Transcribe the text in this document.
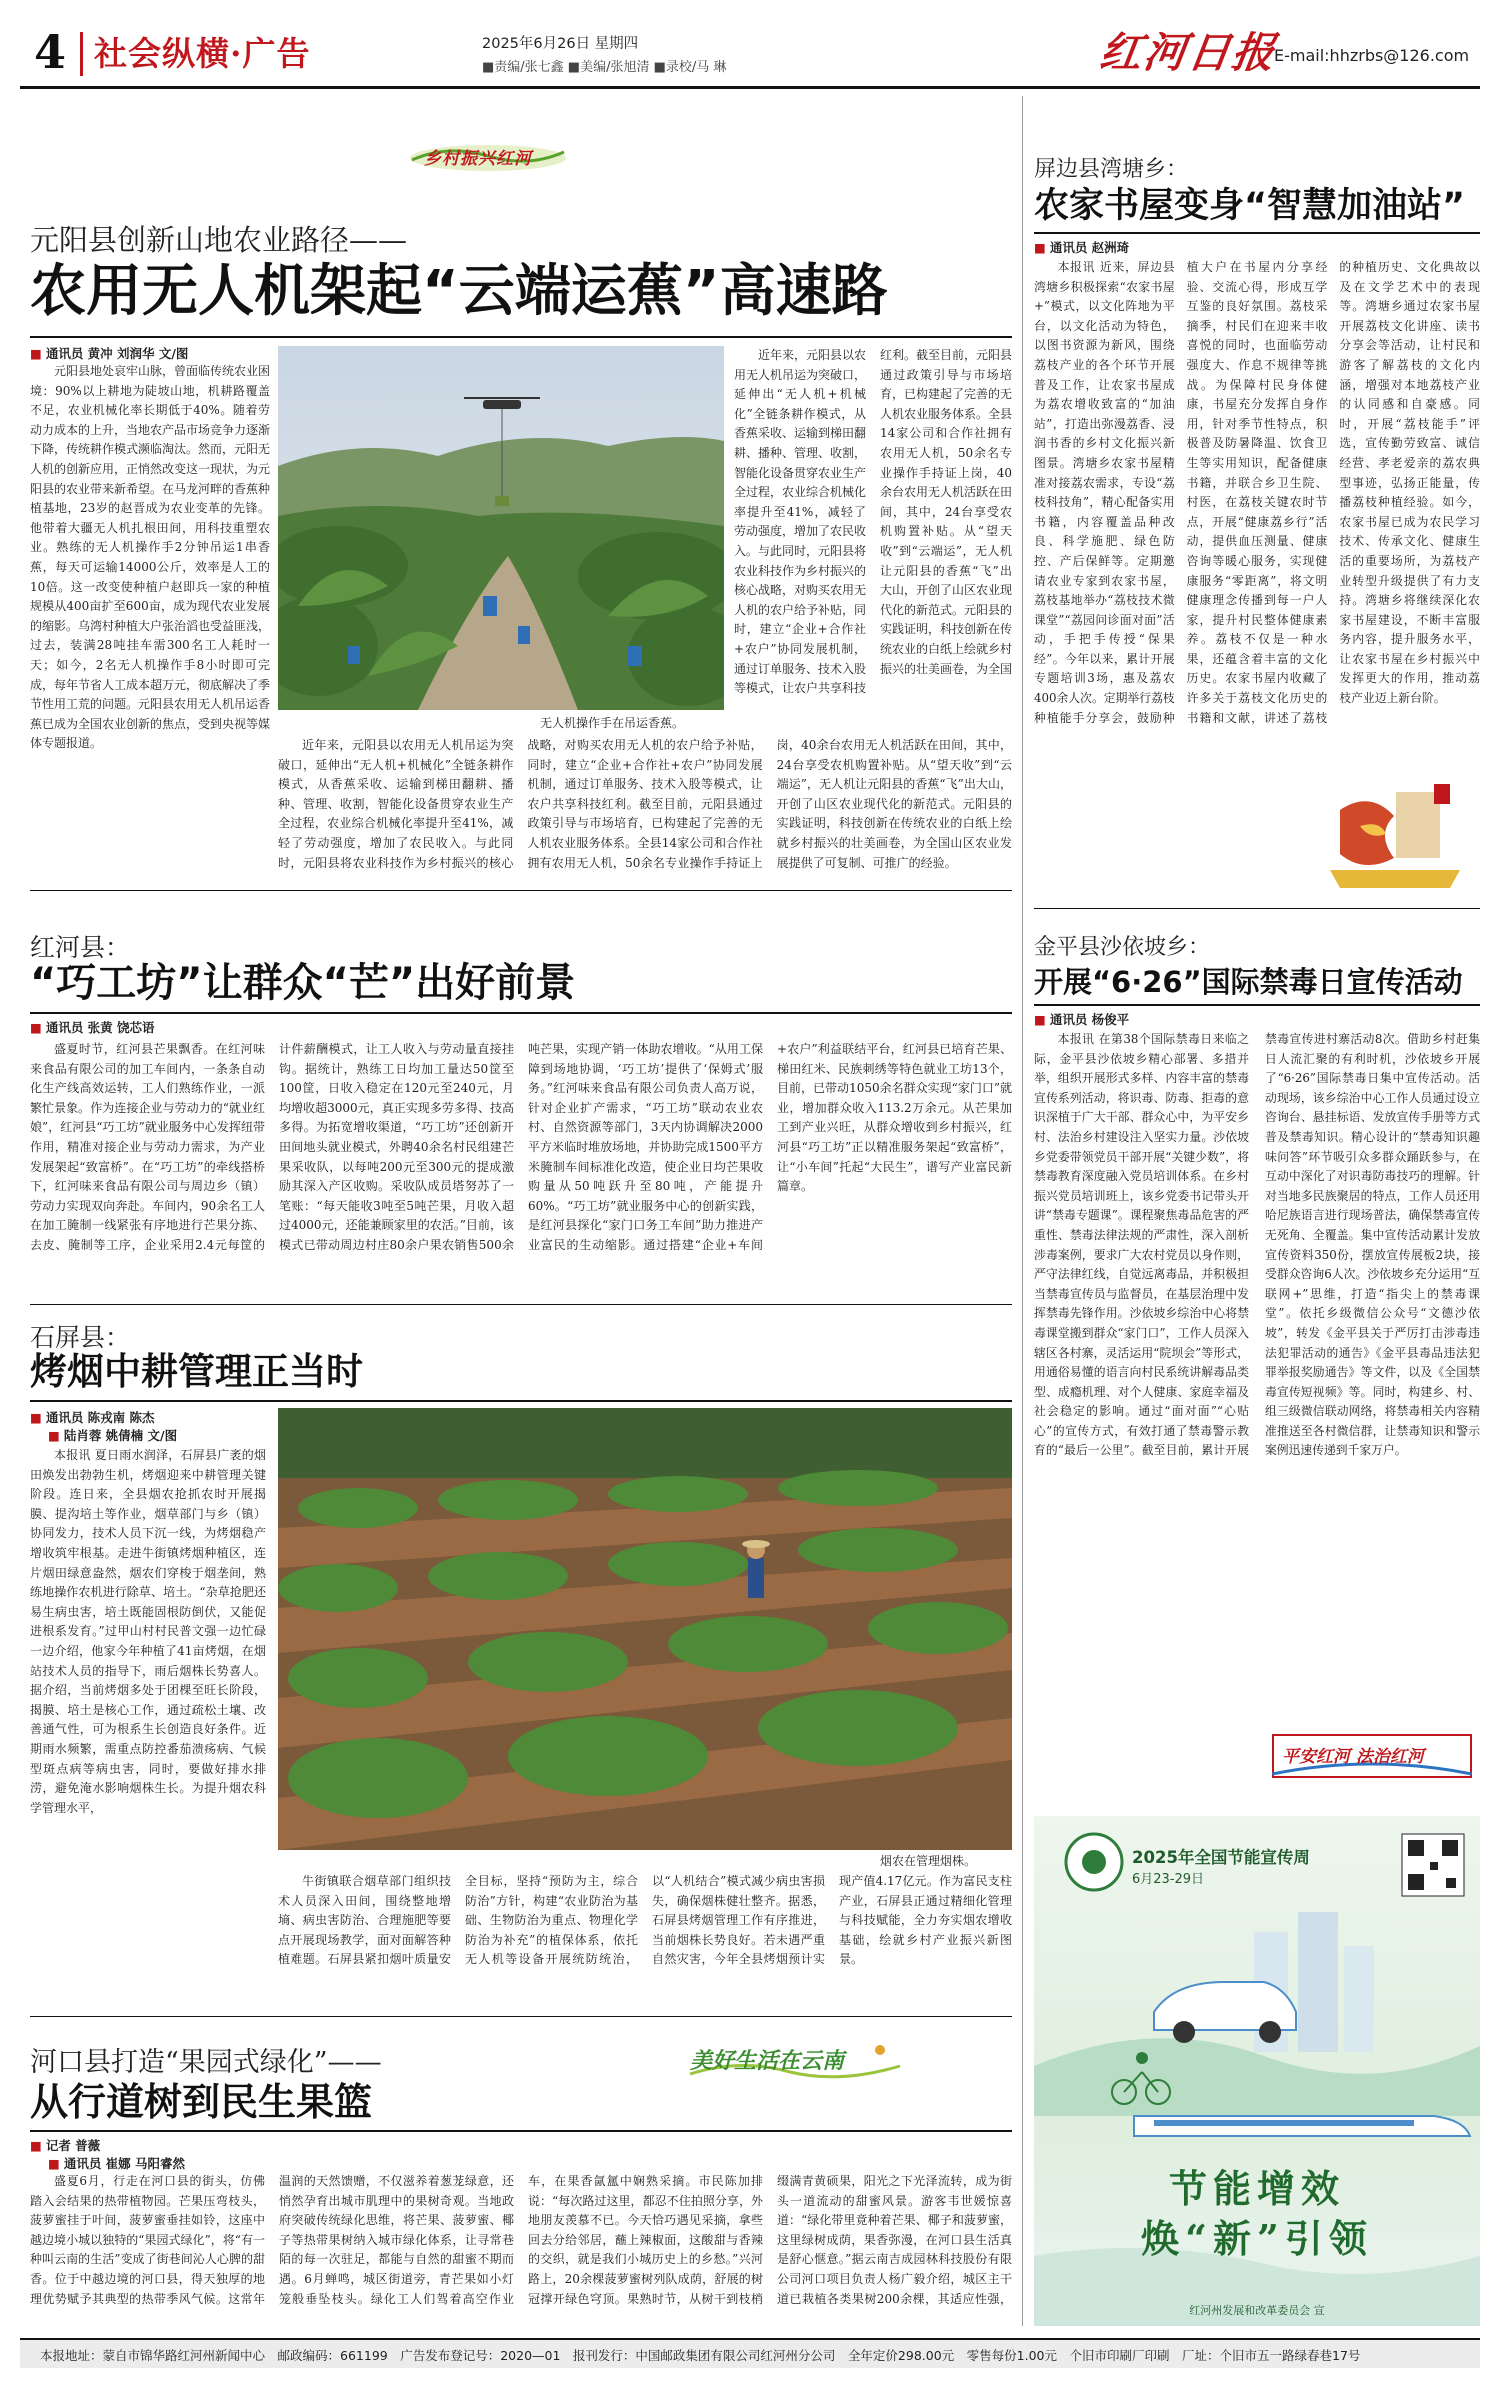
4 社会纵横·广告	2025年6月26日 星期四
■责编/张七鑫 ■美编/张旭清 ■录校/马 琳	红河日报
E-mail:hhzrbs@126.com
乡村振兴红河
元阳县创新山地农业路径——
农用无人机架起“云端运蕉”高速路
■ 通讯员 黄冲 刘润华 文/图

元阳县地处哀牢山脉，曾面临传统农业困境：90%以上耕地为陡坡山地，机耕路覆盖不足，农业机械化率长期低于40%。随着劳动力成本的上升，当地农产品市场竞争力逐渐下降，传统耕作模式濒临淘汰。然而，元阳无人机的创新应用，正悄然改变这一现状，为元阳县的农业带来新希望。在马龙河畔的香蕉种植基地，23岁的赵晋成为农业变革的先锋。他带着大疆无人机扎根田间，用科技重塑农业。熟练的无人机操作手2分钟吊运1串香蕉，每天可运输14000公斤，效率是人工的10倍。这一改变使种植户赵即兵一家的种植规模从400亩扩至600亩，成为现代农业发展的缩影。乌湾村种植大户张治滔也受益匪浅，过去，装满28吨挂车需300名工人耗时一天；如今，2名无人机操作手8小时即可完成，每年节省人工成本超万元，彻底解决了季节性用工荒的问题。元阳县农用无人机吊运香蕉已成为全国农业创新的焦点，受到央视等媒体专题报道。

无人机操作手在吊运香蕉。

近年来，元阳县以农用无人机吊运为突破口，延伸出“无人机+机械化”全链条耕作模式，从香蕉采收、运输到梯田翻耕、播种、管理、收割，智能化设备贯穿农业生产全过程，农业综合机械化率提升至41%，减轻了劳动强度，增加了农民收入。与此同时，元阳县将农业科技作为乡村振兴的核心战略，对购买农用无人机的农户给予补贴，同时，建立“企业+合作社+农户”协同发展机制，通过订单服务、技术入股等模式，让农户共享科技红利。截至目前，元阳县通过政策引导与市场培育，已构建起了完善的无人机农业服务体系。全县14家公司和合作社拥有农用无人机，50余名专业操作手持证上岗，40余台农用无人机活跃在田间，其中，24台享受农机购置补贴。从“望天收”到“云端运”，无人机让元阳县的香蕉“飞”出大山，开创了山区农业现代化的新范式。元阳县的实践证明，科技创新在传统农业的白纸上绘就乡村振兴的壮美画卷，为全国

近年来，元阳县以农用无人机吊运为突破口，延伸出“无人机+机械化”全链条耕作模式，从香蕉采收、运输到梯田翻耕、播种、管理、收割，智能化设备贯穿农业生产全过程，农业综合机械化率提升至41%，减轻了劳动强度，增加了农民收入。与此同时，元阳县将农业科技作为乡村振兴的核心战略，对购买农用无人机的农户给予补贴，同时，建立“企业+合作社+农户”协同发展机制，通过订单服务、技术入股等模式，让农户共享科技红利。截至目前，元阳县通过政策引导与市场培育，已构建起了完善的无人机农业服务体系。全县14家公司和合作社拥有农用无人机，50余名专业操作手持证上岗，40余台农用无人机活跃在田间，其中，24台享受农机购置补贴。从“望天收”到“云端运”，无人机让元阳县的香蕉“飞”出大山，开创了山区农业现代化的新范式。元阳县的实践证明，科技创新在传统农业的白纸上绘就乡村振兴的壮美画卷，为全国山区农业发展提供了可复制、可推广的经验。

屏边县湾塘乡：
农家书屋变身“智慧加油站”
■ 通讯员 赵洲琦

本报讯 近来，屏边县湾塘乡积极探索“农家书屋+”模式，以文化阵地为平台，以文化活动为特色，以图书资源为新风，围绕荔枝产业的各个环节开展普及工作，让农家书屋成为荔农增收致富的“加油站”，打造出弥漫荔香、浸润书香的乡村文化振兴新图景。湾塘乡农家书屋精准对接荔农需求，专设“荔枝科技角”，精心配备实用书籍，内容覆盖品种改良、科学施肥、绿色防控、产后保鲜等。定期邀请农业专家到农家书屋，荔枝基地举办“荔枝技术微课堂”“荔园问诊面对面”活动，手把手传授“保果经”。今年以来，累计开展专题培训3场，惠及荔农400余人次。定期举行荔枝种植能手分享会，鼓励种植大户在书屋内分享经验、交流心得，形成互学互鉴的良好氛围。荔枝采摘季，村民们在迎来丰收喜悦的同时，也面临劳动强度大、作息不规律等挑战。为保障村民身体健康，书屋充分发挥自身作用，针对季节性特点，积极普及防暑降温、饮食卫生等实用知识，配备健康书籍，并联合乡卫生院、村医，在荔枝关键农时节点，开展“健康荔乡行”活动，提供血压测量、健康咨询等暖心服务，实现健康服务“零距离”，将文明健康理念传播到每一户人家，提升村民整体健康素养。荔枝不仅是一种水果，还蕴含着丰富的文化历史。农家书屋内收藏了许多关于荔枝文化历史的书籍和文献，讲述了荔枝的种植历史、文化典故以及在文学艺术中的表现等。湾塘乡通过农家书屋开展荔枝文化讲座、读书分享会等活动，让村民和游客了解荔枝的文化内涵，增强对本地荔枝产业的认同感和自豪感。同时，开展“荔枝能手”评选，宣传勤劳致富、诚信经营、孝老爱亲的荔农典型事迹，弘扬正能量，传播荔枝种植经验。如今，农家书屋已成为农民学习技术、传承文化、健康生活的重要场所，为荔枝产业转型升级提供了有力支持。湾塘乡将继续深化农家书屋建设，不断丰富服务内容，提升服务水平，让农家书屋在乡村振兴中发挥更大的作用，推动荔枝产业迈上新台阶。

红河县：
“巧工坊”让群众“芒”出好前景
■ 通讯员 张黄 饶芯语

盛夏时节，红河县芒果飘香。在红河味来食品有限公司的加工车间内，一条条自动化生产线高效运转，工人们熟练作业，一派繁忙景象。作为连接企业与劳动力的“就业红娘”，红河县“巧工坊”就业服务中心发挥纽带作用，精准对接企业与劳动力需求，为产业发展架起“致富桥”。在“巧工坊”的牵线搭桥下，红河味来食品有限公司与周边乡（镇）劳动力实现双向奔赴。车间内，90余名工人在加工腌制一线紧张有序地进行芒果分拣、去皮、腌制等工序，企业采用2.4元每筐的计件薪酬模式，让工人收入与劳动量直接挂钩。据统计，熟练工日均加工量达50筐至100筐，日收入稳定在120元至240元，月均增收超3000元，真正实现多劳多得、技高多得。为拓宽增收渠道，“巧工坊”还创新开田间地头就业模式，外聘40余名村民组建芒果采收队，以每吨200元至300元的提成激励其深入产区收购。采收队成员塔努苏了一笔账：“每天能收3吨至5吨芒果，月收入超过4000元，还能兼顾家里的农活。”目前，该模式已带动周边村庄80余户果农销售500余吨芒果，实现产销一体助农增收。“从用工保障到场地协调，‘巧工坊’提供了‘保姆式’服务。”红河味来食品有限公司负责人高万说，针对企业扩产需求，“巧工坊”联动农业农村、自然资源等部门，3天内协调解决2000平方米临时堆放场地，并协助完成1500平方米腌制车间标准化改造，使企业日均芒果收购量从50吨跃升至80吨，产能提升60%。“巧工坊”就业服务中心的创新实践，是红河县探化“家门口务工车间”助力推进产业富民的生动缩影。通过搭建“企业+车间+农户”利益联结平台，红河县已培育芒果、梯田红米、民族刺绣等特色就业工坊13个，目前，已带动1050余名群众实现“家门口”就业，增加群众收入113.2万余元。从芒果加工到产业兴旺，从群众增收到乡村振兴，红河县“巧工坊”正以精准服务架起“致富桥”，让“小车间”托起“大民生”，谱写产业富民新篇章。

金平县沙依坡乡：
开展“6·26”国际禁毒日宣传活动
■ 通讯员 杨俊平

本报讯 在第38个国际禁毒日来临之际，金平县沙依坡乡精心部署、多措并举，组织开展形式多样、内容丰富的禁毒宣传系列活动，将识毒、防毒、拒毒的意识深植于广大干部、群众心中，为平安乡村、法治乡村建设注入坚实力量。沙依坡乡党委带领党员干部开展“关键少数”，将禁毒教育深度融入党员培训体系。在乡村振兴党员培训班上，该乡党委书记带头开讲“禁毒专题课”。课程聚焦毒品危害的严重性、禁毒法律法规的严肃性，深入剖析涉毒案例，要求广大农村党员以身作则，严守法律红线，自觉远离毒品，并积极担当禁毒宣传员与监督员，在基层治理中发挥禁毒先锋作用。沙依坡乡综治中心将禁毒课堂搬到群众“家门口”，工作人员深入辖区各村寨，灵活运用“院坝会”等形式，用通俗易懂的语言向村民系统讲解毒品类型、成瘾机理、对个人健康、家庭幸福及社会稳定的影响。通过“面对面”“心贴心”的宣传方式，有效打通了禁毒警示教育的“最后一公里”。截至目前，累计开展禁毒宣传进村寨活动8次。借助乡村赶集日人流汇聚的有利时机，沙依坡乡开展了“6·26”国际禁毒日集中宣传活动。活动现场，该乡综治中心工作人员通过设立咨询台、悬挂标语、发放宣传手册等方式普及禁毒知识。精心设计的“禁毒知识趣味问答”环节吸引众多群众踊跃参与，在互动中深化了对识毒防毒技巧的理解。针对当地多民族聚居的特点，工作人员还用哈尼族语言进行现场普法，确保禁毒宣传无死角、全覆盖。集中宣传活动累计发放宣传资料350份，摆放宣传展板2块，接受群众咨询6人次。沙依坡乡充分运用“互联网+”思维，打造“指尖上的禁毒课堂”。依托乡级微信公众号“文德沙依坡”，转发《金平县关于严厉打击涉毒违法犯罪活动的通告》《金平县毒品违法犯罪举报奖励通告》等文件，以及《全国禁毒宣传短视频》等。同时，构建乡、村、组三级微信联动网络，将禁毒相关内容精准推送至各村微信群，让禁毒知识和警示案例迅速传递到千家万户。

平安红河 法治红河
石屏县：
烤烟中耕管理正当时
■ 通讯员 陈戎南 陈杰
■ 陆肖蓉 姚倩楠 文/图

本报讯 夏日雨水润泽，石屏县广袤的烟田焕发出勃勃生机，烤烟迎来中耕管理关键阶段。连日来，全县烟农抢抓农时开展揭膜、提沟培土等作业，烟草部门与乡（镇）协同发力，技术人员下沉一线，为烤烟稳产增收筑牢根基。走进牛街镇烤烟种植区，连片烟田绿意盎然，烟农们穿梭于烟垄间，熟练地操作农机进行除草、培土。“杂草抢肥还易生病虫害，培土既能固根防倒伏，又能促进根系发育。”过甲山村村民普文强一边忙碌一边介绍，他家今年种植了41亩烤烟，在烟站技术人员的指导下，雨后烟株长势喜人。据介绍，当前烤烟多处于团棵至旺长阶段，揭膜、培土是核心工作，通过疏松土壤、改善通气性，可为根系生长创造良好条件。近期雨水频繁，需重点防控番茄溃疡病、气候型斑点病等病虫害，同时，要做好排水排涝，避免淹水影响烟株生长。为提升烟农科学管理水平，

烟农在管理烟株。

牛街镇联合烟草部门组织技术人员深入田间，围绕整地增墒、病虫害防治、合理施肥等要点开展现场教学，面对面解答种植难题。石屏县紧扣烟叶质量安全目标，坚持“预防为主，综合防治”方针，构建“农业防治为基础、生物防治为重点、物理化学防治为补充”的植保体系，依托无人机等设备开展统防统治，以“人机结合”模式减少病虫害损失，确保烟株健壮整齐。据悉，石屏县烤烟管理工作有序推进，当前烟株长势良好。若未遇严重自然灾害，今年全县烤烟预计实现产值4.17亿元。作为富民支柱产业，石屏县正通过精细化管理与科技赋能，全力夯实烟农增收基础，绘就乡村产业振兴新图景。

河口县打造“果园式绿化”——	美好生活在云南
从行道树到民生果篮
■ 记者 普薇
■ 通讯员 崔娜 马阳睿然

盛夏6月，行走在河口县的街头，仿佛踏入会结果的热带植物园。芒果压弯枝头，菠萝蜜挂于叶间，菠萝蜜垂挂如铃，这座中越边境小城以独特的“果园式绿化”，将“有一种叫云南的生活”变成了街巷间沁人心脾的甜香。位于中越边境的河口县，得天独厚的地理优势赋予其典型的热带季风气候。这常年温润的天然馈赠，不仅滋养着葱茏绿意，还悄然孕育出城市肌理中的果树奇观。当地政府突破传统绿化思维，将芒果、菠萝蜜、椰子等热带果树纳入城市绿化体系，让寻常巷陌的每一次驻足，都能与自然的甜蜜不期而遇。6月蝉鸣，城区街道旁，青芒果如小灯笼般垂坠枝头。绿化工人们驾着高空作业车，在果香氤氲中娴熟采摘。市民陈加排说：“每次路过这里，都忍不住拍照分享，外地朋友羡慕不已。今天恰巧遇见采摘，拿些回去分给邻居，蘸上辣椒面，这酸甜与香辣的交织，就是我们小城历史上的乡愁。”兴河路上，20余棵菠萝蜜树列队成荫，舒展的树冠撑开绿色穹顶。果熟时节，从树干到枝梢缀满青黄硕果，阳光之下光泽流转，成为街头一道流动的甜蜜风景。游客韦世媛惊喜道：“绿化带里竟种着芒果、椰子和菠萝蜜，这里绿树成荫，果香弥漫，在河口县生活真是舒心惬意。”据云南吉成园林科技股份有限公司河口项目负责人杨广毅介绍，城区主干道已栽植各类果树200余棵，其适应性强，

2025年全国节能宣传周
6月23-29日
节能增效
焕“新”引领
红河州发展和改革委员会 宣
本报地址：蒙自市锦华路红河州新闻中心　邮政编码：661199　广告发布登记号：2020—01　报刊发行：中国邮政集团有限公司红河州分公司　全年定价298.00元　零售每份1.00元　个旧市印刷厂印刷　厂址：个旧市五一路绿春巷17号
